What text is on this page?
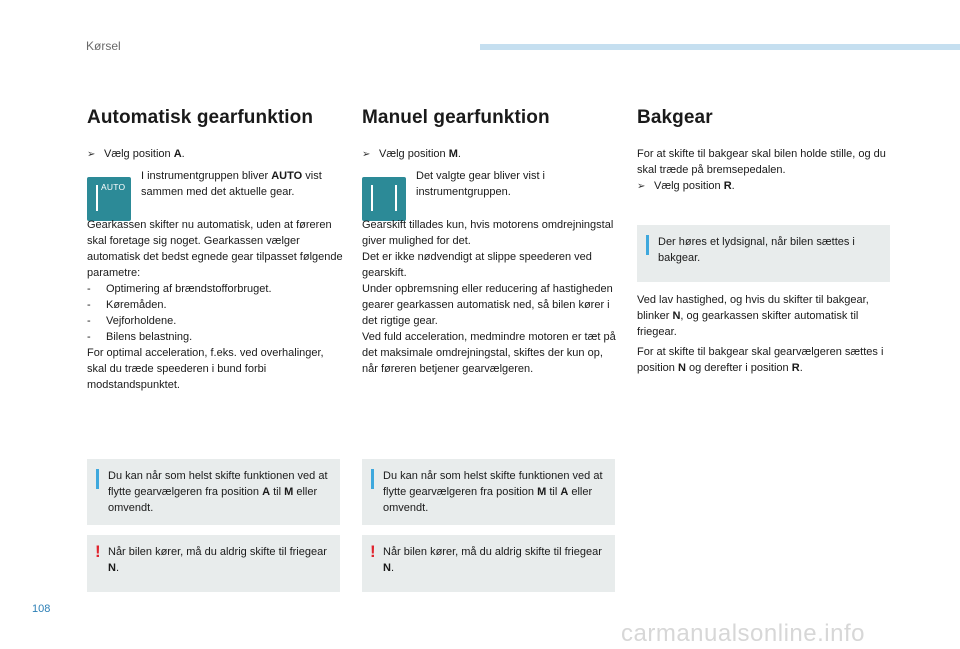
Kørsel
Automatisk gearfunktion
➢ Vælg position A.
AUTO
I instrumentgruppen bliver AUTO vist sammen med det aktuelle gear.
Gearkassen skifter nu automatisk, uden at føreren skal foretage sig noget. Gearkassen vælger automatisk det bedst egnede gear tilpasset følgende parametre:
-	Optimering af brændstofforbruget.
-	Køremåden.
-	Vejforholdene.
-	Bilens belastning.
For optimal acceleration, f.eks. ved overhalinger, skal du træde speederen i bund forbi modstandspunktet.
Du kan når som helst skifte funktionen ved at flytte gearvælgeren fra position A til M eller omvendt.
! Når bilen kører, må du aldrig skifte til friegear N.
Manuel gearfunktion
➢ Vælg position M.
Det valgte gear bliver vist i instrumentgruppen.
Gearskift tillades kun, hvis motorens omdrejningstal giver mulighed for det.
Det er ikke nødvendigt at slippe speederen ved gearskift.
Under opbremsning eller reducering af hastigheden gearer gearkassen automatisk ned, så bilen kører i det rigtige gear.
Ved fuld acceleration, medmindre motoren er tæt på det maksimale omdrejningstal, skiftes der kun op, når føreren betjener gearvælgeren.
Du kan når som helst skifte funktionen ved at flytte gearvælgeren fra position M til A eller omvendt.
! Når bilen kører, må du aldrig skifte til friegear N.
Bakgear
For at skifte til bakgear skal bilen holde stille, og du skal træde på bremsepedalen.
➢ Vælg position R.
Der høres et lydsignal, når bilen sættes i bakgear.
Ved lav hastighed, og hvis du skifter til bakgear, blinker N, og gearkassen skifter automatisk til friegear.
For at skifte til bakgear skal gearvælgeren sættes i position N og derefter i position R.
108
carmanualsonline.info
